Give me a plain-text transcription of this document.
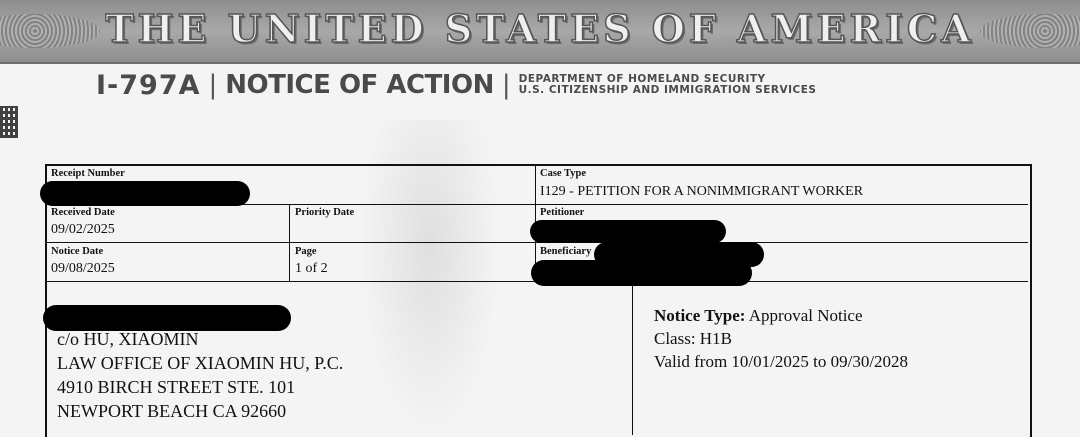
THE UNITED STATES OF AMERICA
I-797A | NOTICE OF ACTION | DEPARTMENT OF HOMELAND SECURITY
U.S. CITIZENSHIP AND IMMIGRATION SERVICES
Receipt Number	Case Type
I129 - PETITION FOR A NONIMMIGRANT WORKER
Received Date
09/02/2025
Priority Date	Petitioner
Notice Date
09/08/2025
Page
1 of 2
Beneficiary
c/o HU, XIAOMIN
LAW OFFICE OF XIAOMIN HU, P.C.
4910 BIRCH STREET STE. 101
NEWPORT BEACH CA 92660
Notice Type: Approval Notice
Class: H1B
Valid from 10/01/2025 to 09/30/2028
